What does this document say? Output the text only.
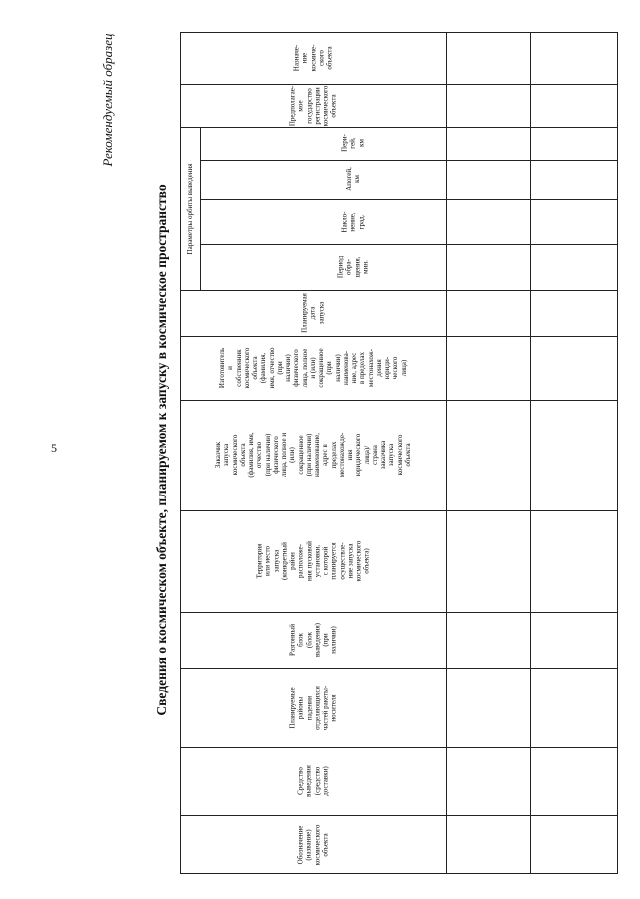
5
Рекомендуемый образец
Сведения о космическом объекте, планируемом к запуску в космическое пространство
Обозначение
(название)
космического
объекта
Средство
выведения
(средство
доставки)
Планируемые
районы
падения
отделяющихся
частей ракеты-
носителя
Разгонный
блок
(блок
выведения)
(при
наличии)
Территория
или место
запуска
(конкретный
район
расположе-
ния пусковой
установки,
с которой
планируется
осуществле-
ние запуска
космического
объекта)
Заказчик
запуска
космического
объекта
(фамилия, имя,
отчество
(при наличии)
физического
лица, полное и
(или)
сокращенное
(при наличии)
наименование,
адрес в
пределах
местонахожде-
ния
юридического
лица)/
страна
заказчика
запуска
космического
объекта
Изготовитель
и
собственник
космического
объекта
(фамилия,
имя, отчество
(при
наличии)
физического
лица, полное
и (или)
сокращенное
(при
наличии)
наименова-
ние, адрес
в пределах
местонахож-
дения
юриди-
ческого
лица)
Планируемая
дата
запуска
Предполагае-
мое
государство
регистрации
космического
объекта
Назначе-
ние
космиче-
ского
объекта
Параметры орбиты выведения
Период
обра-
щения,
мин.
Накло-
нение,
град.
Апогей,
км
Пери-
гей,
км
